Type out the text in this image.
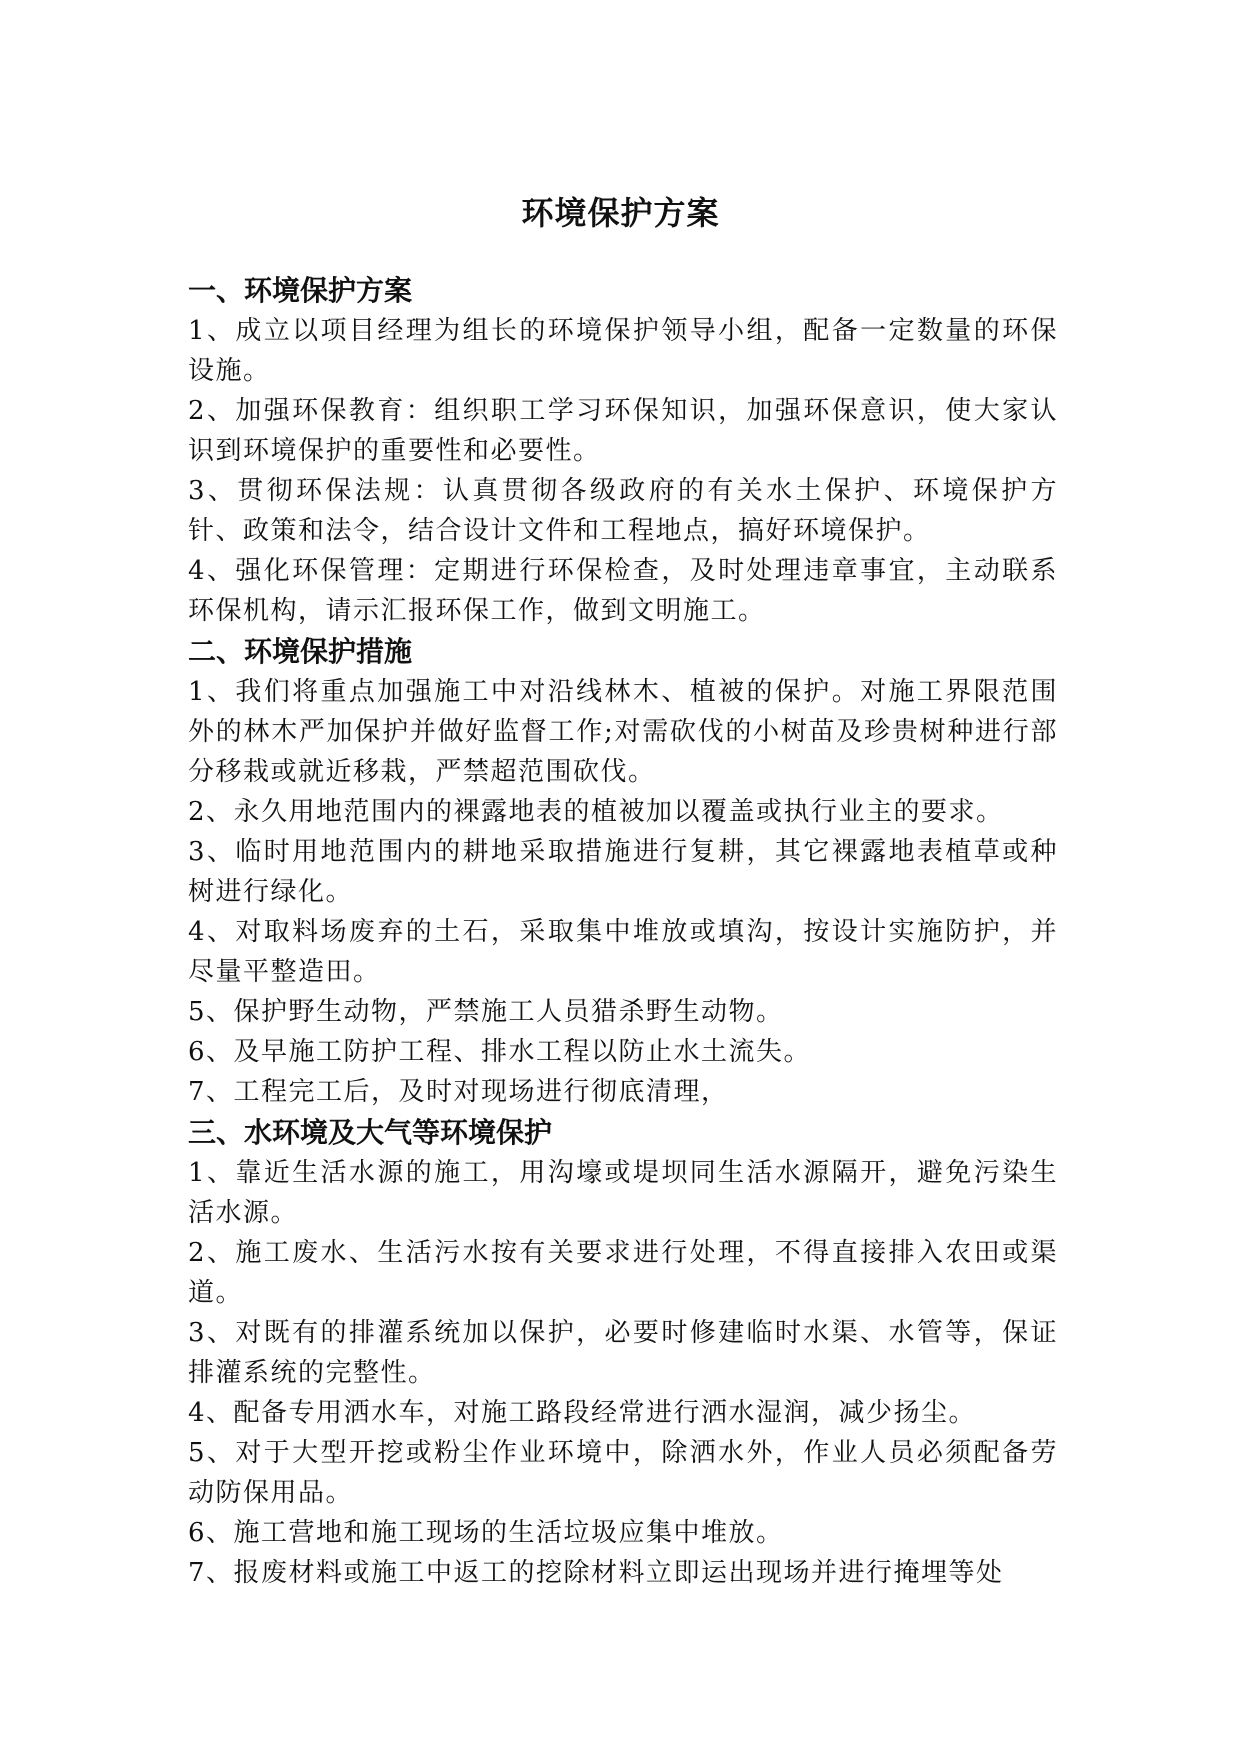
环境保护方案

一、环境保护方案

1、成立以项目经理为组长的环境保护领导小组，配备一定数量的环保设施。

2、加强环保教育：组织职工学习环保知识，加强环保意识，使大家认识到环境保护的重要性和必要性。

3、贯彻环保法规：认真贯彻各级政府的有关水土保护、环境保护方针、政策和法令，结合设计文件和工程地点，搞好环境保护。

4、强化环保管理：定期进行环保检查，及时处理违章事宜，主动联系环保机构，请示汇报环保工作，做到文明施工。

二、环境保护措施

1、我们将重点加强施工中对沿线林木、植被的保护。对施工界限范围外的林木严加保护并做好监督工作;对需砍伐的小树苗及珍贵树种进行部分移栽或就近移栽，严禁超范围砍伐。

2、永久用地范围内的裸露地表的植被加以覆盖或执行业主的要求。

3、临时用地范围内的耕地采取措施进行复耕，其它裸露地表植草或种树进行绿化。

4、对取料场废弃的土石，采取集中堆放或填沟，按设计实施防护，并尽量平整造田。

5、保护野生动物，严禁施工人员猎杀野生动物。

6、及早施工防护工程、排水工程以防止水土流失。

7、工程完工后，及时对现场进行彻底清理，

三、水环境及大气等环境保护

1、靠近生活水源的施工，用沟壕或堤坝同生活水源隔开，避免污染生活水源。

2、施工废水、生活污水按有关要求进行处理，不得直接排入农田或渠道。

3、对既有的排灌系统加以保护，必要时修建临时水渠、水管等，保证排灌系统的完整性。

4、配备专用洒水车，对施工路段经常进行洒水湿润，减少扬尘。

5、对于大型开挖或粉尘作业环境中，除洒水外，作业人员必须配备劳动防保用品。

6、施工营地和施工现场的生活垃圾应集中堆放。

7、报废材料或施工中返工的挖除材料立即运出现场并进行掩埋等处
